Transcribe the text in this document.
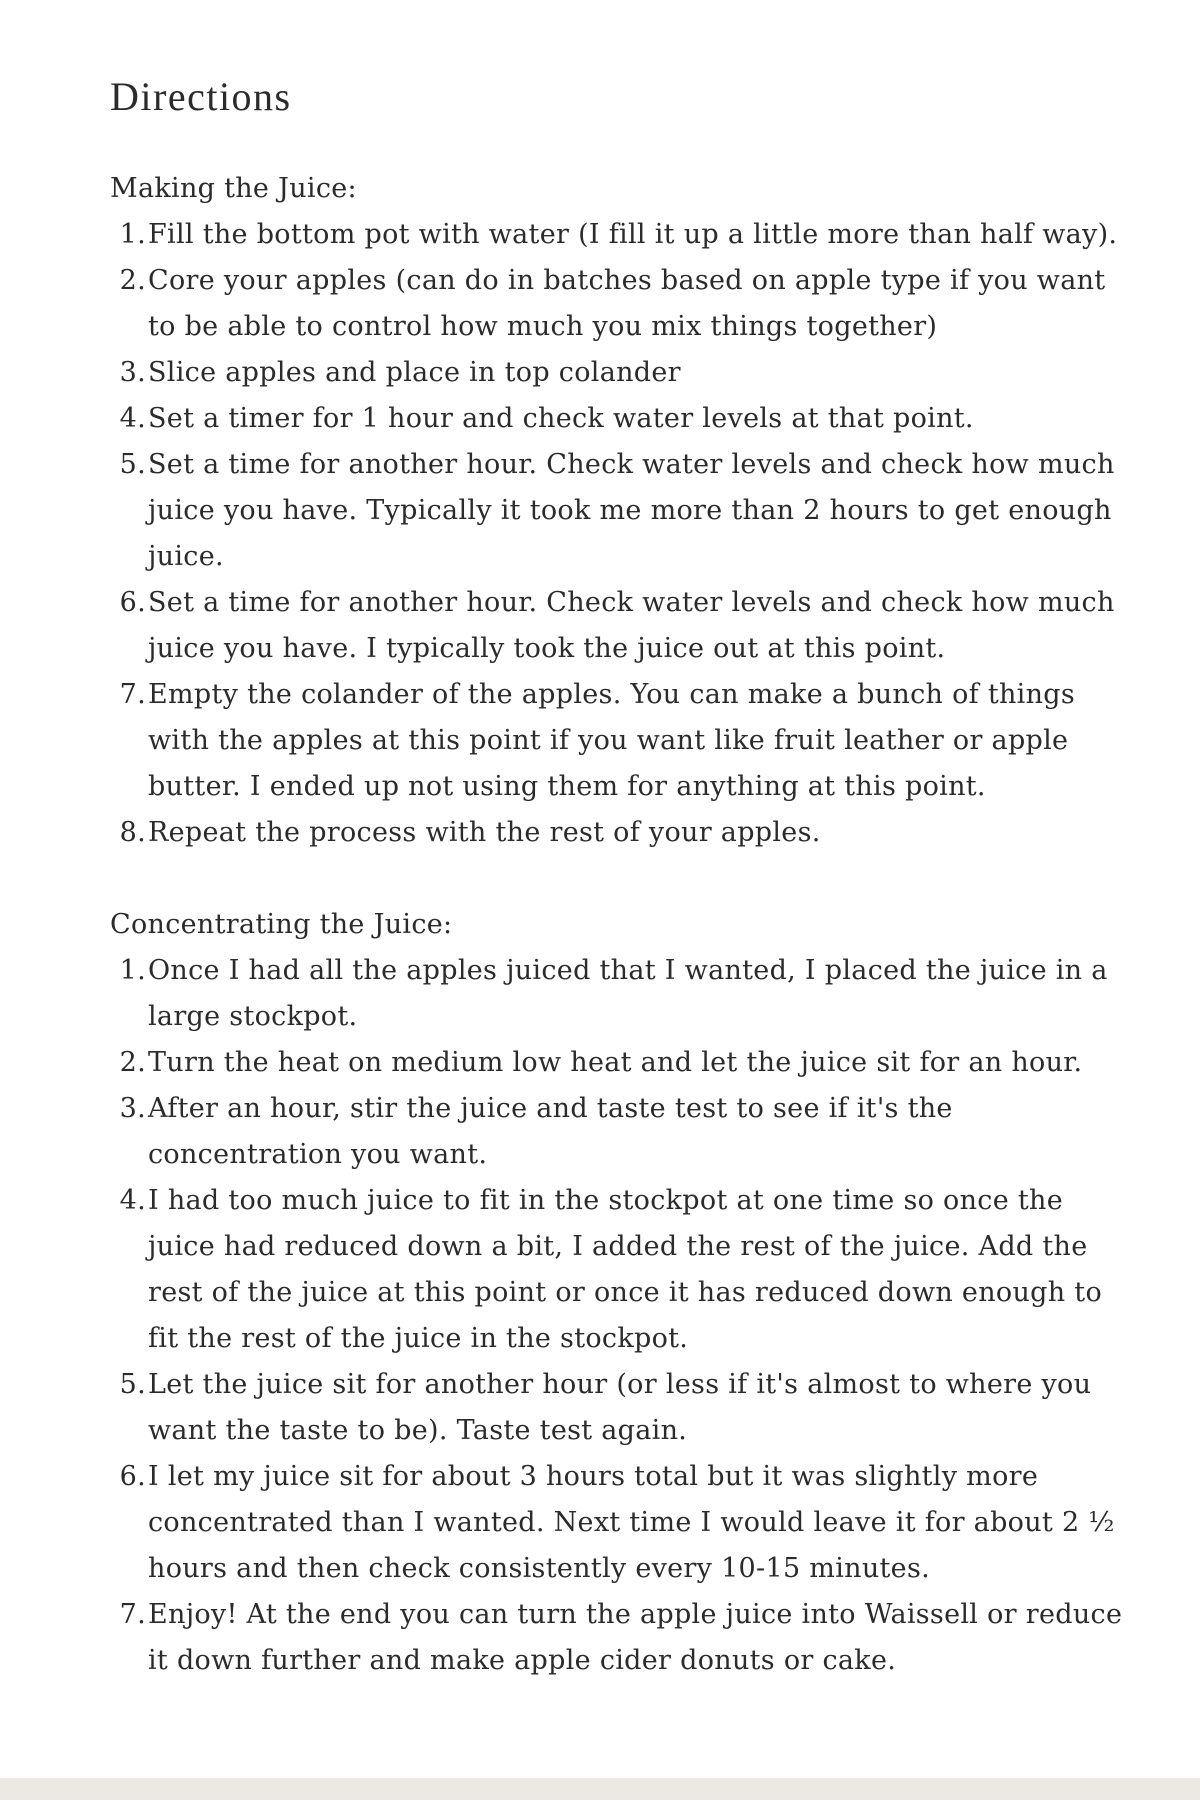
Directions

Making the Juice:

1. Fill the bottom pot with water (I fill it up a little more than half way).
2. Core your apples (can do in batches based on apple type if you want to be able to control how much you mix things together)
3. Slice apples and place in top colander
4. Set a timer for 1 hour and check water levels at that point.
5. Set a time for another hour. Check water levels and check how much juice you have. Typically it took me more than 2 hours to get enough juice.
6. Set a time for another hour. Check water levels and check how much juice you have. I typically took the juice out at this point.
7. Empty the colander of the apples. You can make a bunch of things with the apples at this point if you want like fruit leather or apple butter. I ended up not using them for anything at this point.
8. Repeat the process with the rest of your apples.

Concentrating the Juice:

1. Once I had all the apples juiced that I wanted, I placed the juice in a large stockpot.
2. Turn the heat on medium low heat and let the juice sit for an hour.
3. After an hour, stir the juice and taste test to see if it's the concentration you want.
4. I had too much juice to fit in the stockpot at one time so once the juice had reduced down a bit, I added the rest of the juice. Add the rest of the juice at this point or once it has reduced down enough to fit the rest of the juice in the stockpot.
5. Let the juice sit for another hour (or less if it's almost to where you want the taste to be). Taste test again.
6. I let my juice sit for about 3 hours total but it was slightly more concentrated than I wanted. Next time I would leave it for about 2 ½ hours and then check consistently every 10-15 minutes.
7. Enjoy! At the end you can turn the apple juice into Waissell or reduce it down further and make apple cider donuts or cake.
